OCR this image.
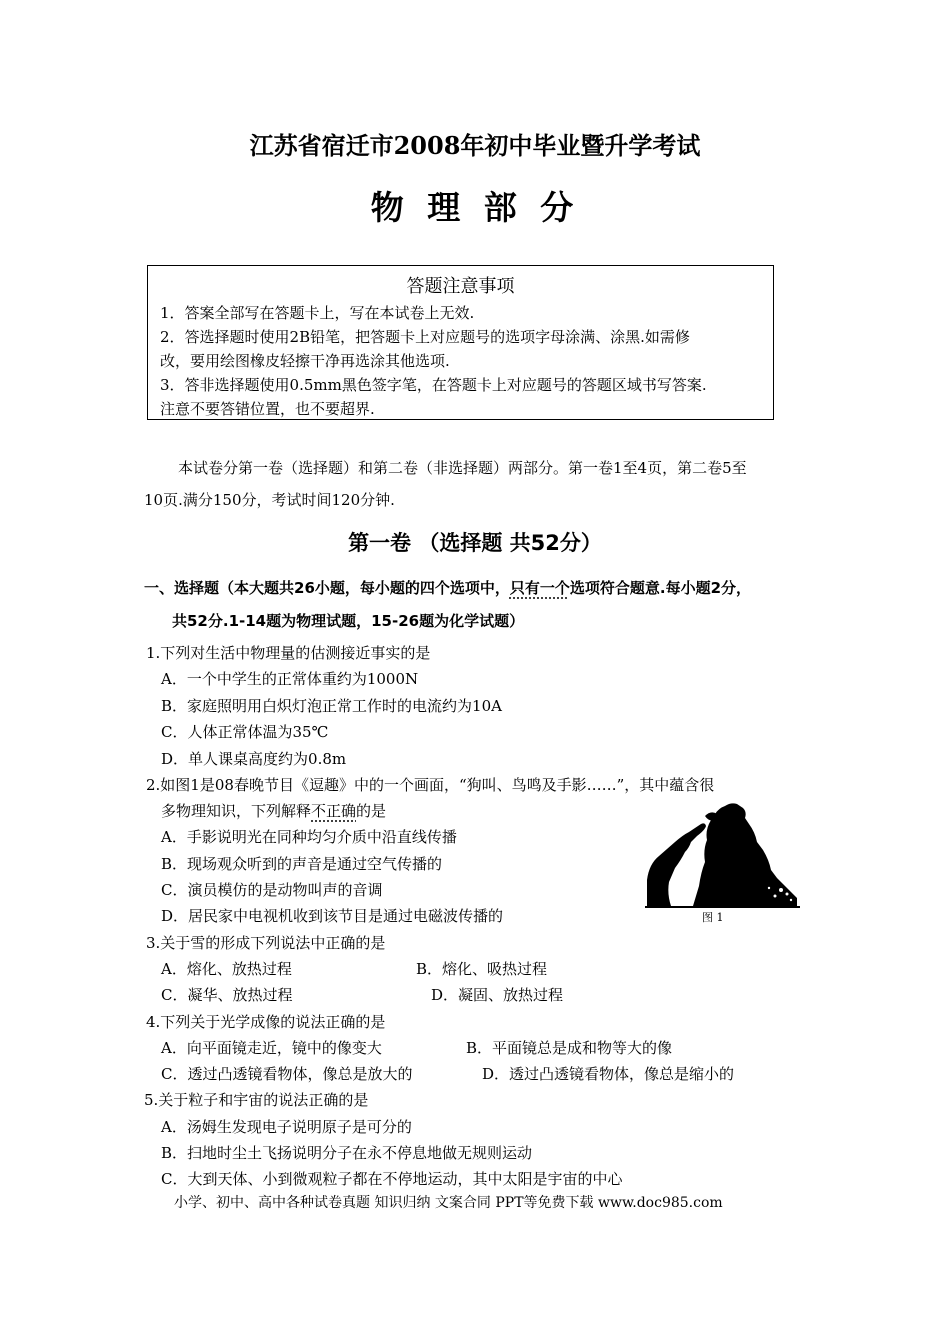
江苏省宿迁市2008年初中毕业暨升学考试
物 理 部 分
答题注意事项
1．答案全部写在答题卡上，写在本试卷上无效.
2．答选择题时使用2B铅笔，把答题卡上对应题号的选项字母涂满、涂黑.如需修
改，要用绘图橡皮轻擦干净再选涂其他选项.
3．答非选择题使用0.5mm黑色签字笔，在答题卡上对应题号的答题区域书写答案.
注意不要答错位置，也不要超界.
本试卷分第一卷（选择题）和第二卷（非选择题）两部分。第一卷1至4页，第二卷5至
10页.满分150分，考试时间120分钟.
第一卷 （选择题 共52分）
一、选择题（本大题共26小题，每小题的四个选项中，只有一个选项符合题意.每小题2分，
共52分.1-14题为物理试题，15-26题为化学试题）
1.下列对生活中物理量的估测接近事实的是
A．一个中学生的正常体重约为1000N
B．家庭照明用白炽灯泡正常工作时的电流约为10A
C．人体正常体温为35℃
D．单人课桌高度约为0.8m
2.如图1是08春晚节目《逗趣》中的一个画面，“狗叫、鸟鸣及手影……”，其中蕴含很
多物理知识，下列解释不正确的是
A．手影说明光在同种均匀介质中沿直线传播
B．现场观众听到的声音是通过空气传播的
C．演员模仿的是动物叫声的音调
D．居民家中电视机收到该节目是通过电磁波传播的	图 1
3.关于雪的形成下列说法中正确的是
A．熔化、放热过程	B．熔化、吸热过程
C．凝华、放热过程	D．凝固、放热过程
4.下列关于光学成像的说法正确的是
A．向平面镜走近，镜中的像变大	B．平面镜总是成和物等大的像
C．透过凸透镜看物体，像总是放大的	D．透过凸透镜看物体，像总是缩小的
5.关于粒子和宇宙的说法正确的是
A．汤姆生发现电子说明原子是可分的
B．扫地时尘土飞扬说明分子在永不停息地做无规则运动
C．大到天体、小到微观粒子都在不停地运动，其中太阳是宇宙的中心
小学、初中、高中各种试卷真题 知识归纳 文案合同 PPT等免费下载 www.doc985.com
